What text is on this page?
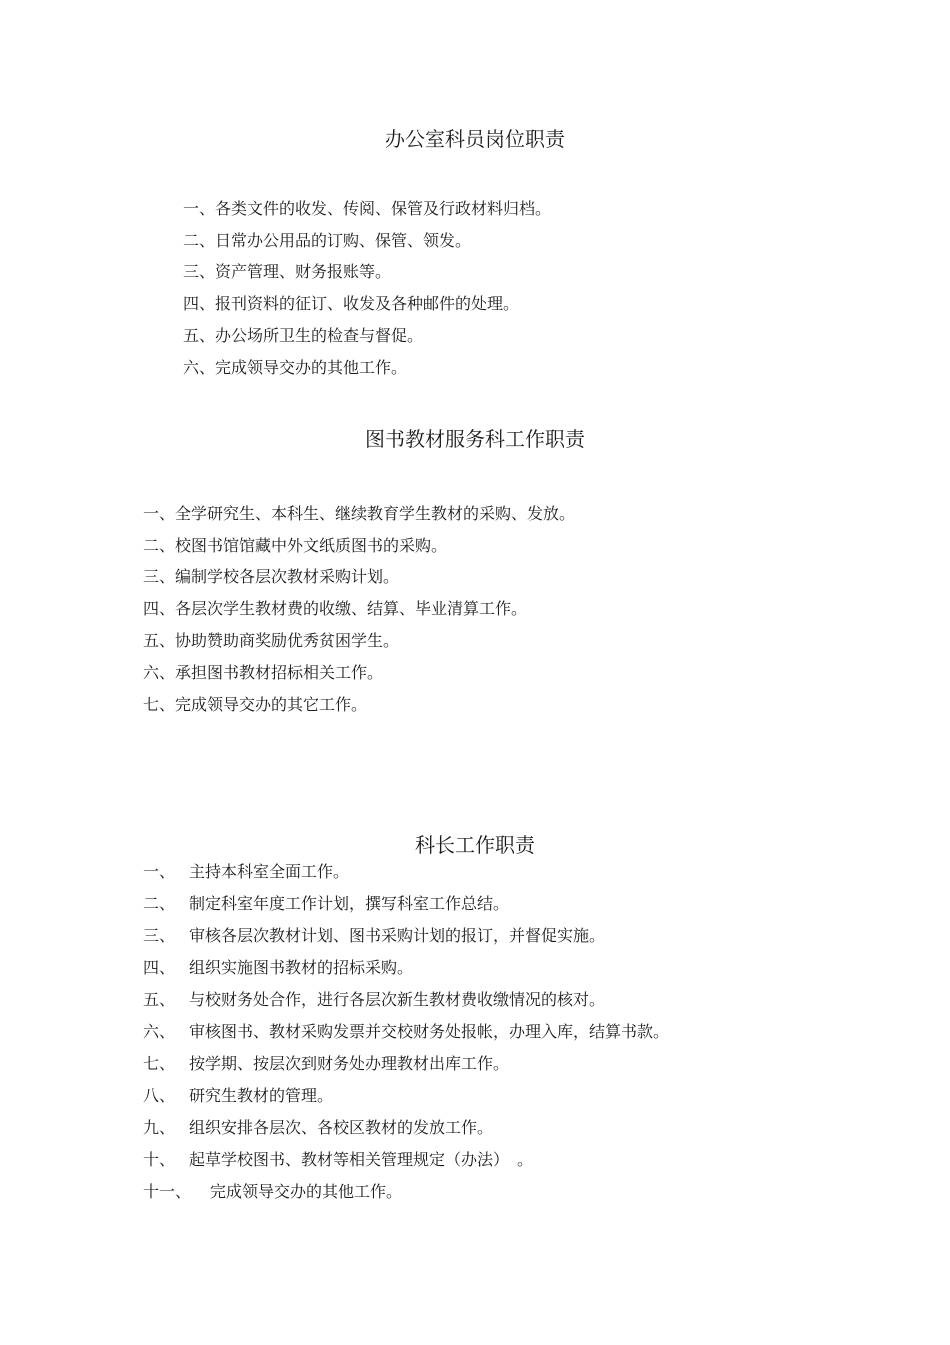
办公室科员岗位职责
一、各类文件的收发、传阅、保管及行政材料归档。
二、日常办公用品的订购、保管、领发。
三、资产管理、财务报账等。
四、报刊资料的征订、收发及各种邮件的处理。
五、办公场所卫生的检查与督促。
六、完成领导交办的其他工作。
图书教材服务科工作职责
一、全学研究生、本科生、继续教育学生教材的采购、发放。
二、校图书馆馆藏中外文纸质图书的采购。
三、编制学校各层次教材采购计划。
四、各层次学生教材费的收缴、结算、毕业清算工作。
五、协助赞助商奖励优秀贫困学生。
六、承担图书教材招标相关工作。
七、完成领导交办的其它工作。
科长工作职责
一、 主持本科室全面工作。
二、 制定科室年度工作计划，撰写科室工作总结。
三、 审核各层次教材计划、图书采购计划的报订，并督促实施。
四、 组织实施图书教材的招标采购。
五、 与校财务处合作，进行各层次新生教材费收缴情况的核对。
六、 审核图书、教材采购发票并交校财务处报帐，办理入库，结算书款。
七、 按学期、按层次到财务处办理教材出库工作。
八、 研究生教材的管理。
九、 组织安排各层次、各校区教材的发放工作。
十、 起草学校图书、教材等相关管理规定（办法）　。
十一、 完成领导交办的其他工作。
